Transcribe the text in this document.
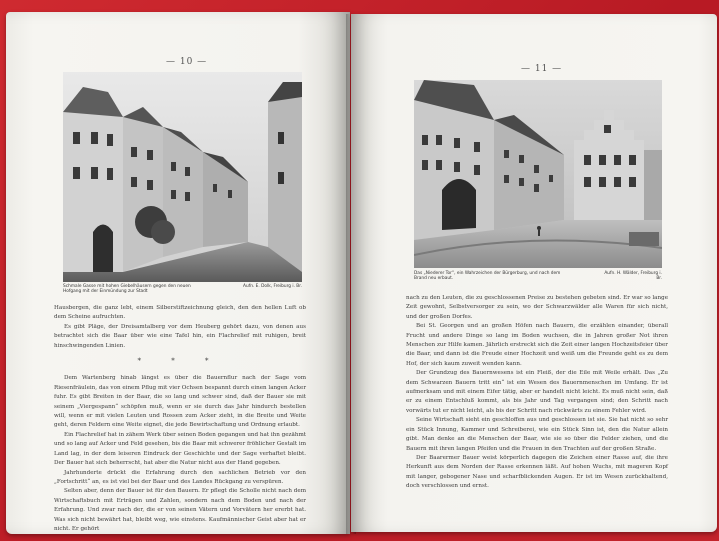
— 10 —
Schmale Gasse mit hohen Giebelhäusern gegen den neuen Hofgang mit der Einmündung zur Stadt
Aufn. E. Dolk, Freiburg i. Br.

Hausbergen, die ganz lebt, einem Silberstiftzeichnung gleich, den den hellen Luft ob dem Scheine aufruchten.

Es gibt Pläge, der Dreisamtalberg vor dem Heuberg gehört dazu, von denen aus betrachtet sich die Baar über wie eine Tafel hin, ein Flachrelief mit ruhigen, breit hinschwingenden Linien.

* * *

Dem Wartenberg hinab längst es über die Bauernflur nach der Sage vom Riesenfräulein, das von einem Pflug mit vier Ochsen bespannt durch einen langen Acker fuhr. Es gibt Breiten in der Baar, die so lang und schwer sind, daß der Bauer sie mit seinem „Viergespann“ schöpfen muß, wenn er sie durch das Jahr hindurch bestellen will, wenn er mit vielen Leuten und Rossen zum Acker zieht, in die Breite und Weite geht, deren Feldern eine Weite eignet, die jede Bewirtschaftung und Ordnung erlaubt.

Ein Flachrelief hat in zähem Werk über seinen Boden gegangen und hat ihn gezähmt und so lang auf Acker und Feld gesehen, bis die Baar mit schwerer fröhlicher Gestalt im Land lag, in der dem leiseren Eindruck der Geschichte und der Sage verhaftet bleibt. Der Bauer hat sich beherrscht, hat aber die Natur nicht aus der Hand gegeben.

Jahrhunderte drückt die Erfahrung durch den sachlichen Betrieb vor den „Fortschritt“ an, es ist viel bei der Baar und des Landes Rückgang zu verspüren.

Selten aber, denn der Bauer ist für den Bauern. Er pflegt die Scholle nicht nach dem Wirtschaftsbuch mit Erträgen und Zahlen, sondern nach dem Boden und nach der Erfahrung. Und zwar nach der, die er von seinen Vätern und Vorvätern her ererbt hat. Was sich nicht bewährt hat, bleibt weg, wie einstens. Kaufmännischer Geist aber hat er nicht. Er gehört

— 11 —
Das „Niederer Tor“, ein Wahrzeichen der Bürgerburg, und nach dem Brand neu erbaut.
Aufn. H. Wälder, Freiburg i. Br.

nach zu den Leuten, die zu geschlossenen Preise zu bestehen gebeten sind. Er war so lange Zeit gewohnt, Selbstversorger zu sein, wo der Schwarzwälder alle Waren für sich nicht, und der großen Dorfes.

Bei St. Georgen und an großen Höfen nach Bauern, die erzählen einander, überall Frucht und andere Dinge so lang im Boden wuchsen, die in Jahren großer Not ihren Menschen zur Hilfe kamen. Jährlich erstreckt sich die Zeit einer langen Hochzeitsfeier über die Baar, und dann ist die Freude einer Hochzeit und weiß um die Freunde geht es zu dem Hof, der sich kaum zuweit wenden kann.

Der Grundzug des Bauernwesens ist ein Fleiß, der die Eile mit Weile erhält. Das „Zu dem Schwarzen Bauern tritt ein“ ist ein Wesen des Bauernmenschen im Umfang. Er ist aufmerksam und mit einem Eifer tätig, aber er handelt nicht leicht. Es muß nicht sein, daß er zu einem Entschluß kommt, als bis Jahr und Tag vergangen sind; den Schritt nach vorwärts tut er nicht leicht, als bis der Schritt nach rückwärts zu einem Fehler wird.

Seine Wirtschaft sieht ein geschloffen aus und geschlossen ist sie. Sie hat nicht so sehr ein Stück Innung, Kammer und Schreiberei, wie ein Stück Sinn ist, den die Natur allein gibt. Man denke an die Menschen der Baar, wie sie so über die Felder ziehen, und die Bauern mit ihren langen Pfeifen und die Frauen in den Trachten auf der großen Straße.

Der Baarermer Bauer weist körperlich dagegen die Zeichen einer Rasse auf, die ihre Herkunft aus dem Norden der Rasse erkennen läßt. Auf hohen Wuchs, mit mageren Kopf mit langer, gebogener Nase und scharfblickenden Augen. Er ist im Wesen zurückhaltend, doch verschlossen und ernst.
